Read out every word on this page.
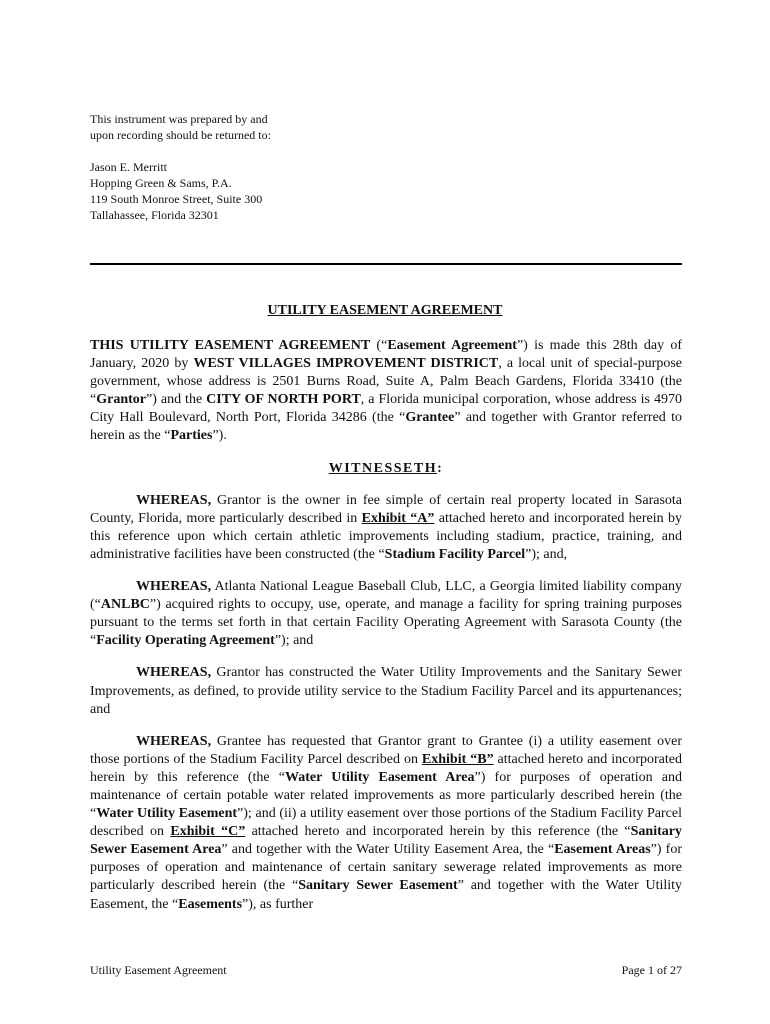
This instrument was prepared by and
upon recording should be returned to:
Jason E. Merritt
Hopping Green & Sams, P.A.
119 South Monroe Street, Suite 300
Tallahassee, Florida 32301
UTILITY EASEMENT AGREEMENT

THIS UTILITY EASEMENT AGREEMENT (“Easement Agreement”) is made this 28th day of January, 2020 by WEST VILLAGES IMPROVEMENT DISTRICT, a local unit of special-purpose government, whose address is 2501 Burns Road, Suite A, Palm Beach Gardens, Florida 33410 (the “Grantor”) and the CITY OF NORTH PORT, a Florida municipal corporation, whose address is 4970 City Hall Boulevard, North Port, Florida 34286 (the “Grantee” and together with Grantor referred to herein as the “Parties”).

WITNESSETH:

WHEREAS, Grantor is the owner in fee simple of certain real property located in Sarasota County, Florida, more particularly described in Exhibit “A” attached hereto and incorporated herein by this reference upon which certain athletic improvements including stadium, practice, training, and administrative facilities have been constructed (the “Stadium Facility Parcel”); and,

WHEREAS, Atlanta National League Baseball Club, LLC, a Georgia limited liability company (“ANLBC”) acquired rights to occupy, use, operate, and manage a facility for spring training purposes pursuant to the terms set forth in that certain Facility Operating Agreement with Sarasota County (the “Facility Operating Agreement”); and

WHEREAS, Grantor has constructed the Water Utility Improvements and the Sanitary Sewer Improvements, as defined, to provide utility service to the Stadium Facility Parcel and its appurtenances; and

WHEREAS, Grantee has requested that Grantor grant to Grantee (i) a utility easement over those portions of the Stadium Facility Parcel described on Exhibit “B” attached hereto and incorporated herein by this reference (the “Water Utility Easement Area”) for purposes of operation and maintenance of certain potable water related improvements as more particularly described herein (the “Water Utility Easement”); and (ii) a utility easement over those portions of the Stadium Facility Parcel described on Exhibit “C” attached hereto and incorporated herein by this reference (the “Sanitary Sewer Easement Area” and together with the Water Utility Easement Area, the “Easement Areas”) for purposes of operation and maintenance of certain sanitary sewerage related improvements as more particularly described herein (the “Sanitary Sewer Easement” and together with the Water Utility Easement, the “Easements”), as further

Utility Easement Agreement	Page 1 of 27
